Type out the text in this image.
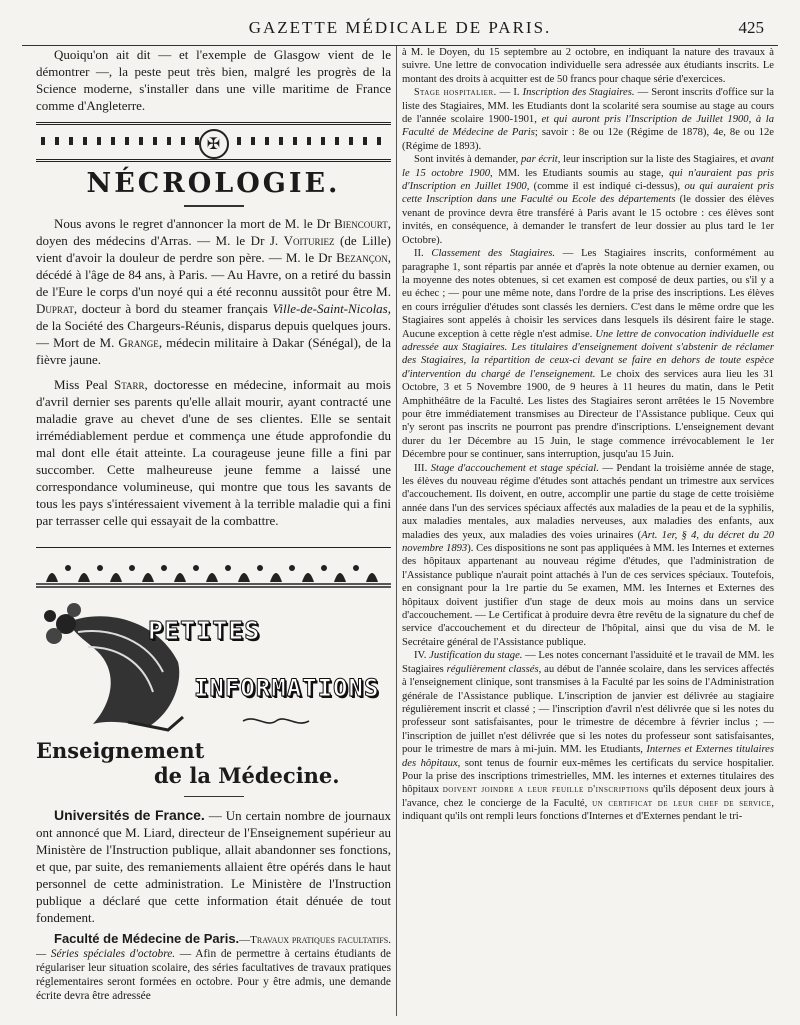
GAZETTE MÉDICALE DE PARIS.	425

Quoiqu'on ait dit — et l'exemple de Glasgow vient de le démontrer —, la peste peut très bien, malgré les progrès de la Science moderne, s'installer dans une ville maritime de France comme d'Angleterre.

✠
NÉCROLOGIE.

Nous avons le regret d'annoncer la mort de M. le Dr Biencourt, doyen des médecins d'Arras. — M. le Dr J. Voituriez (de Lille) vient d'avoir la douleur de perdre son père. — M. le Dr Bezançon, décédé à l'âge de 84 ans, à Paris. — Au Havre, on a retiré du bassin de l'Eure le corps d'un noyé qui a été reconnu aussitôt pour être M. Duprat, docteur à bord du steamer français Ville-de-Saint-Nicolas, de la Société des Chargeurs-Réunis, disparus depuis quelques jours. — Mort de M. Grange, médecin militaire à Dakar (Sénégal), de la fièvre jaune.

Miss Peal Starr, doctoresse en médecine, informait au mois d'avril dernier ses parents qu'elle allait mourir, ayant contracté une maladie grave au chevet d'une de ses clientes. Elle se sentait irrémédiablement perdue et commença une étude approfondie du mal dont elle était atteinte. La courageuse jeune fille a fini par succomber. Cette malheureuse jeune femme a laissé une correspondance volumineuse, qui montre que tous les savants de tous les pays s'intéressaient vivement à la terrible maladie qui a fini par terrasser celle qui essayait de la combattre.

PETITES
INFORMATIONS
Enseignement
de la Médecine.

Universités de France. — Un certain nombre de journaux ont annoncé que M. Liard, directeur de l'Enseignement supérieur au Ministère de l'Instruction publique, allait abandonner ses fonctions, et que, par suite, des remaniements allaient être opérés dans le haut personnel de cette administration. Le Ministère de l'Instruction publique a déclaré que cette information était dénuée de tout fondement.

Faculté de Médecine de Paris.—Travaux pratiques facultatifs. — Séries spéciales d'octobre. — Afin de permettre à certains étudiants de régulariser leur situation scolaire, des séries facultatives de travaux pratiques réglementaires seront formées en octobre. Pour y être admis, une demande écrite devra être adressée

à M. le Doyen, du 15 septembre au 2 octobre, en indiquant la nature des travaux à suivre. Une lettre de convocation individuelle sera adressée aux étudiants inscrits. Le montant des droits à acquitter est de 50 francs pour chaque série d'exercices.

Stage hospitalier. — I. Inscription des Stagiaires. — Seront inscrits d'office sur la liste des Stagiaires, MM. les Etudiants dont la scolarité sera soumise au stage au cours de l'année scolaire 1900-1901, et qui auront pris l'Inscription de Juillet 1900, à la Faculté de Médecine de Paris; savoir : 8e ou 12e (Régime de 1878), 4e, 8e ou 12e (Régime de 1893).

Sont invités à demander, par écrit, leur inscription sur la liste des Stagiaires, et avant le 15 octobre 1900, MM. les Etudiants soumis au stage, qui n'auraient pas pris d'Inscription en Juillet 1900, (comme il est indiqué ci-dessus), ou qui auraient pris cette Inscription dans une Faculté ou Ecole des départements (le dossier des élèves venant de province devra être transféré à Paris avant le 15 octobre : ces élèves sont invités, en conséquence, à demander le transfert de leur dossier au plus tard le 1er Octobre).

II. Classement des Stagiaires. — Les Stagiaires inscrits, conformément au paragraphe 1, sont répartis par année et d'après la note obtenue au dernier examen, ou la moyenne des notes obtenues, si cet examen est composé de deux parties, ou s'il y a eu échec ; — pour une même note, dans l'ordre de la prise des inscriptions. Les élèves en cours irrégulier d'études sont classés les derniers. C'est dans le même ordre que les Stagiaires sont appelés à choisir les services dans lesquels ils désirent faire le stage. Aucune exception à cette règle n'est admise. Une lettre de convocation individuelle est adressée aux Stagiaires. Les titulaires d'enseignement doivent s'abstenir de réclamer des Stagiaires, la répartition de ceux-ci devant se faire en dehors de toute espèce d'intervention du chargé de l'enseignement. Le choix des services aura lieu les 31 Octobre, 3 et 5 Novembre 1900, de 9 heures à 11 heures du matin, dans le Petit Amphithéâtre de la Faculté. Les listes des Stagiaires seront arrêtées le 15 Novembre pour être immédiatement transmises au Directeur de l'Assistance publique. Ceux qui n'y seront pas inscrits ne pourront pas prendre d'inscriptions. L'enseignement devant durer du 1er Décembre au 15 Juin, le stage commence irrévocablement le 1er Décembre pour se continuer, sans interruption, jusqu'au 15 Juin.

III. Stage d'accouchement et stage spécial. — Pendant la troisième année de stage, les élèves du nouveau régime d'études sont attachés pendant un trimestre aux services d'accouchement. Ils doivent, en outre, accomplir une partie du stage de cette troisième année dans l'un des services spéciaux affectés aux maladies de la peau et de la syphilis, aux maladies mentales, aux maladies nerveuses, aux maladies des enfants, aux maladies des yeux, aux maladies des voies urinaires (Art. 1er, § 4, du décret du 20 novembre 1893). Ces dispositions ne sont pas appliquées à MM. les Internes et externes des hôpitaux appartenant au nouveau régime d'études, que l'administration de l'Assistance publique n'aurait point attachés à l'un de ces services spéciaux. Toutefois, en consignant pour la 1re partie du 5e examen, MM. les Internes et Externes des hôpitaux doivent justifier d'un stage de deux mois au moins dans un service d'accouchement. — Le Certificat à produire devra être revêtu de la signature du chef de service d'accouchement et du directeur de l'hôpital, ainsi que du visa de M. le Secrétaire général de l'Assistance publique.

IV. Justification du stage. — Les notes concernant l'assiduité et le travail de MM. les Stagiaires régulièrement classés, au début de l'année scolaire, dans les services affectés à l'enseignement clinique, sont transmises à la Faculté par les soins de l'Administration générale de l'Assistance publique. L'inscription de janvier est délivrée au stagiaire régulièrement inscrit et classé ; — l'inscription d'avril n'est délivrée que si les notes du professeur sont satisfaisantes, pour le trimestre de décembre à février inclus ; — l'inscription de juillet n'est délivrée que si les notes du professeur sont satisfaisantes, pour le trimestre de mars à mi-juin. MM. les Etudiants, Internes et Externes titulaires des hôpitaux, sont tenus de fournir eux-mêmes les certificats du service hospitalier. Pour la prise des inscriptions trimestrielles, MM. les internes et externes titulaires des hôpitaux doivent joindre a leur feuille d'inscriptions qu'ils déposent deux jours à l'avance, chez le concierge de la Faculté, un certificat de leur chef de service, indiquant qu'ils ont rempli leurs fonctions d'Internes et d'Externes pendant le tri-
